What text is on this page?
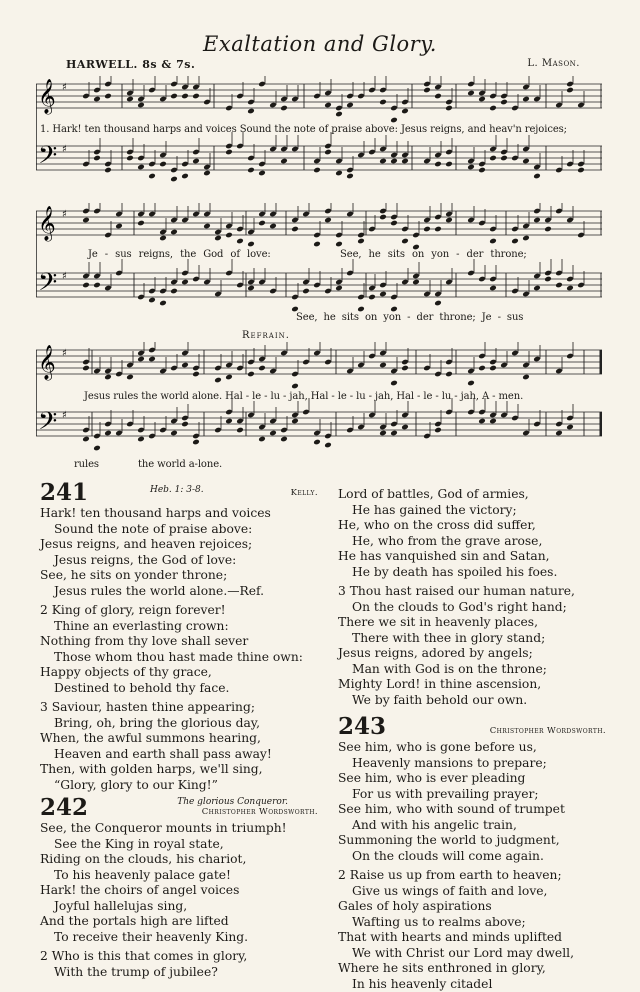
Exaltation and Glory.
HARWELL. 8s & 7s.	L. Mason.
𝄞 ♯
𝄢 ♯
1. Hark! ten thousand harps and voices Sound the note of praise above: Jesus reigns, and heav'n rejoices;
𝄞 ♯
𝄢 ♯
Je - sus reigns, the God of love:	See, he sits on yon - der throne;
See, he sits on yon - der throne; Je - sus
Refrain.
𝄞 ♯
𝄢 ♯
Jesus rules the world alone. Hal - le - lu - jah, Hal - le - lu - jah, Hal - le - lu - jah, A - men.
rules	the world a-lone.
241	Heb. 1: 3-8.	Kelly.
Hark! ten thousand harps and voices
Sound the note of praise above:
Jesus reigns, and heaven rejoices;
Jesus reigns, the God of love:
See, he sits on yonder throne;
Jesus rules the world alone.—Ref.
2 King of glory, reign forever!
Thine an everlasting crown:
Nothing from thy love shall sever
Those whom thou hast made thine own:
Happy objects of thy grace,
Destined to behold thy face.
3 Saviour, hasten thine appearing;
Bring, oh, bring the glorious day,
When, the awful summons hearing,
Heaven and earth shall pass away!
Then, with golden harps, we'll sing,
“Glory, glory to our King!”
242	The glorious Conqueror.
Christopher Wordsworth.
See, the Conqueror mounts in triumph!
See the King in royal state,
Riding on the clouds, his chariot,
To his heavenly palace gate!
Hark! the choirs of angel voices
Joyful hallelujas sing,
And the portals high are lifted
To receive their heavenly King.
2 Who is this that comes in glory,
With the trump of jubilee?
Lord of battles, God of armies,
He has gained the victory;
He, who on the cross did suffer,
He, who from the grave arose,
He has vanquished sin and Satan,
He by death has spoiled his foes.
3 Thou hast raised our human nature,
On the clouds to God's right hand;
There we sit in heavenly places,
There with thee in glory stand;
Jesus reigns, adored by angels;
Man with God is on the throne;
Mighty Lord! in thine ascension,
We by faith behold our own.
243	Christopher Wordsworth.
See him, who is gone before us,
Heavenly mansions to prepare;
See him, who is ever pleading
For us with prevailing prayer;
See him, who with sound of trumpet
And with his angelic train,
Summoning the world to judgment,
On the clouds will come again.
2 Raise us up from earth to heaven;
Give us wings of faith and love,
Gales of holy aspirations
Wafting us to realms above;
That with hearts and minds uplifted
We with Christ our Lord may dwell,
Where he sits enthroned in glory,
In his heavenly citadel
